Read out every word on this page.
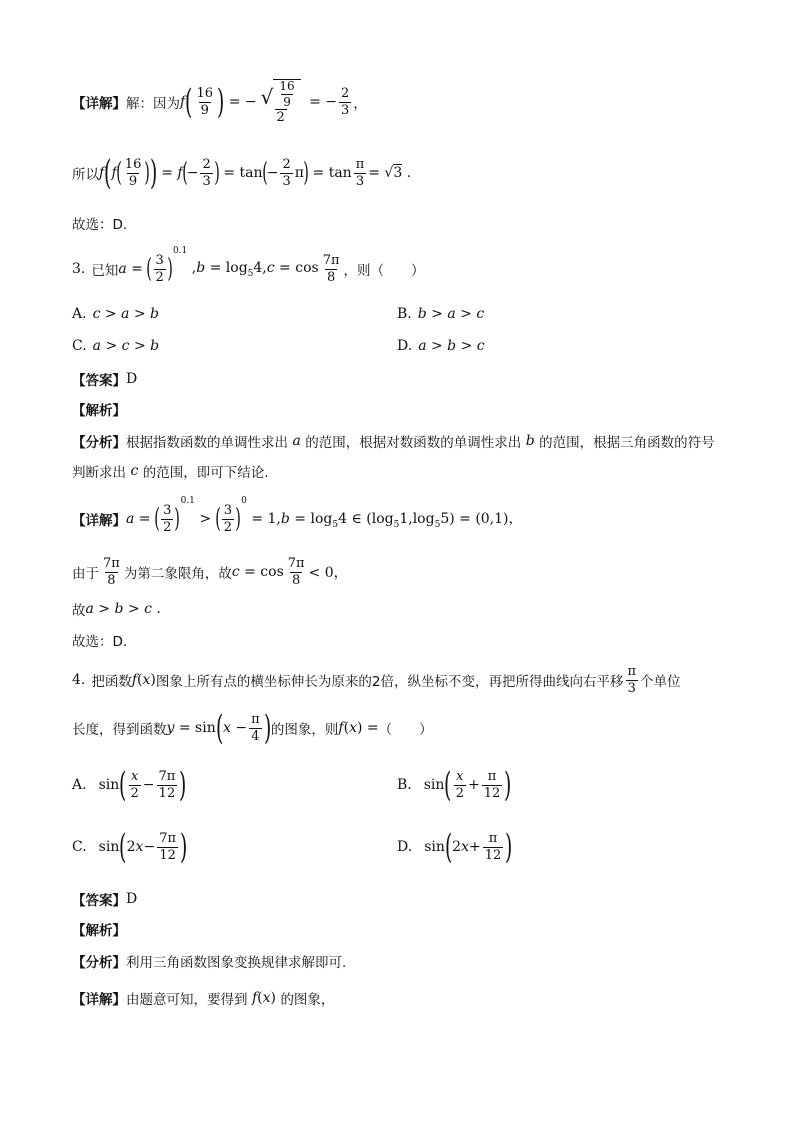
【详解】 解：因为 f ( $\frac{16}{9}$ ) = − $\frac{√ \frac{16}{9}}{2}$ = − $\frac{2}{3}$ ，
所以 f ( f ( $\frac{16}{9}$ ) ) = f ( − $\frac{2}{3}$ ) = tan ( − $\frac{2}{3}$ π ) = $\tan \frac{\pi}{3} = √3$ .
故选：D.
3. 已知 a = ( $\frac{3}{2}$ )
0.1
$,b = \log_54,c = \cos \frac{7\pi}{8}$ ，则（　　）
A. c > a > b	B. b > a > c
C. a > c > b	D. a > b > c
【答案】 D
【解析】
【分析】 根据指数函数的单调性求出 a 的范围，根据对数函数的单调性求出 b 的范围，根据三角函数的符号
判断求出 c 的范围，即可下结论.
【详解】 a = ( $\frac{3}{2}$ )
0.1
> ( $\frac{3}{2}$ )
0
= $1,b = \log_54$ ∈ $(\log_51,\log_55) = (0,1)$，
由于 $\frac{7\pi}{8}$ 为第二象限角，故 $c = \cos \frac{7\pi}{8} < 0$，
故 a > b > c .
故选：D.
4. 把函数 f(x) 图象上所有点的横坐标伸长为原来的2倍，纵坐标不变，再把所得曲线向右平移 $\frac{\pi}{3}$ 个单位
长度，得到函数 y = sin ( $x - \frac{\pi}{4}$ ) 的图象，则 f(x) = （　　）
A. sin ( $\frac{x}{2} - \frac{7\pi}{12}$ )	B. sin ( $\frac{x}{2} + \frac{\pi}{12}$ )
C. sin ( $2x- \frac{7\pi}{12}$ )	D. sin ( $2x+ \frac{\pi}{12}$ )
【答案】 D
【解析】
【分析】 利用三角函数图象变换规律求解即可.
【详解】 由题意可知，要得到 f(x) 的图象，
